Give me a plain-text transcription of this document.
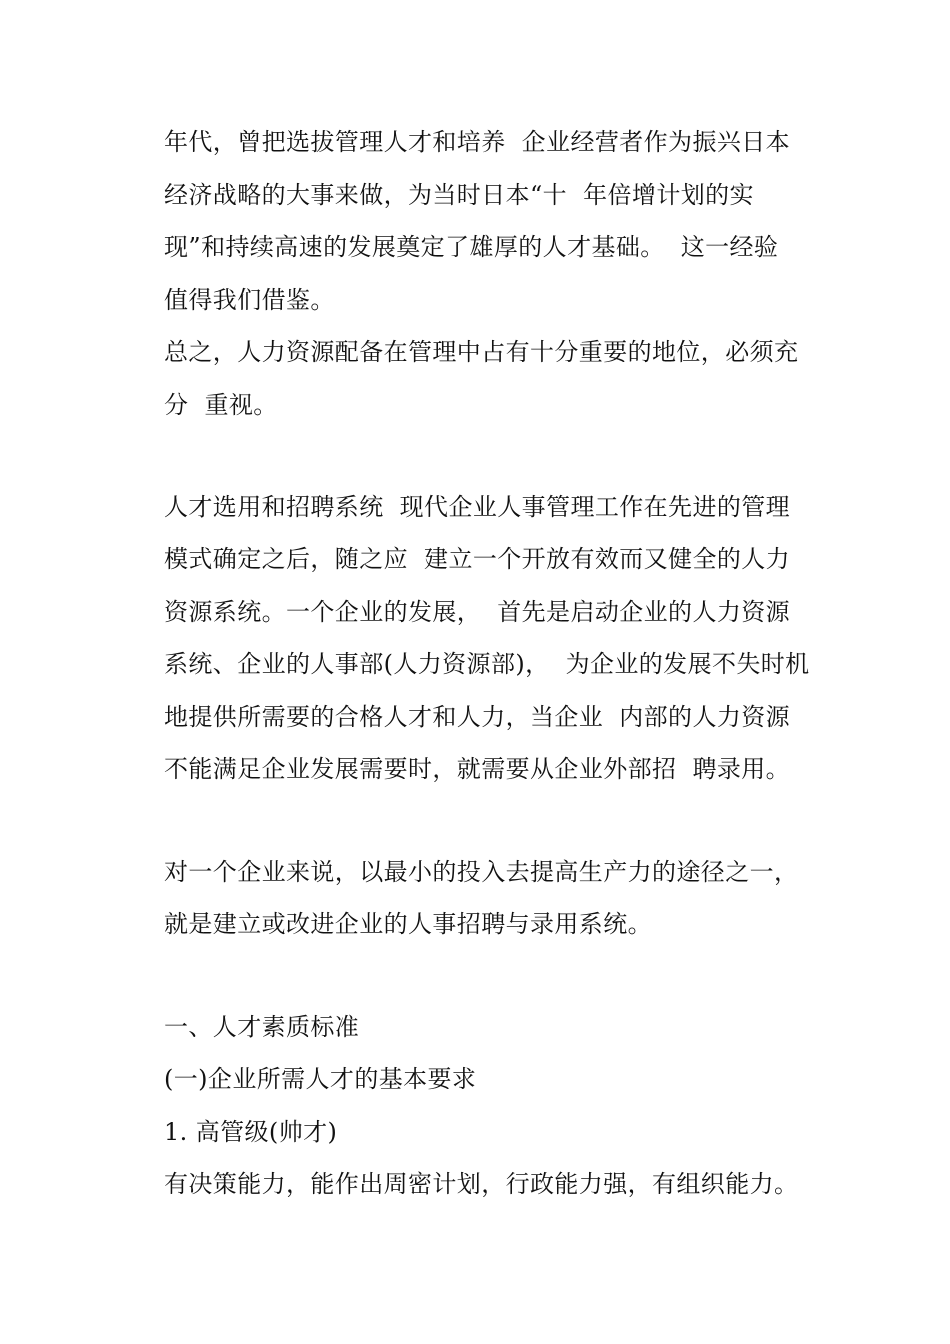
年代，曾把选拔管理人才和培养  企业经营者作为振兴日本
经济战略的大事来做，为当时日本“十  年倍增计划的实
现”和持续高速的发展奠定了雄厚的人才基础。  这一经验
值得我们借鉴。
总之，人力资源配备在管理中占有十分重要的地位，必须充
分  重视。
人才选用和招聘系统  现代企业人事管理工作在先进的管理
模式确定之后，随之应  建立一个开放有效而又健全的人力
资源系统。一个企业的发展，  首先是启动企业的人力资源
系统、企业的人事部(人力资源部)，  为企业的发展不失时机
地提供所需要的合格人才和人力，当企业  内部的人力资源
不能满足企业发展需要时，就需要从企业外部招  聘录用。
对一个企业来说，以最小的投入去提高生产力的途径之一，
就是建立或改进企业的人事招聘与录用系统。
一、人才素质标准
(一)企业所需人才的基本要求
1. 高管级(帅才)
有决策能力，能作出周密计划，行政能力强，有组织能力。
